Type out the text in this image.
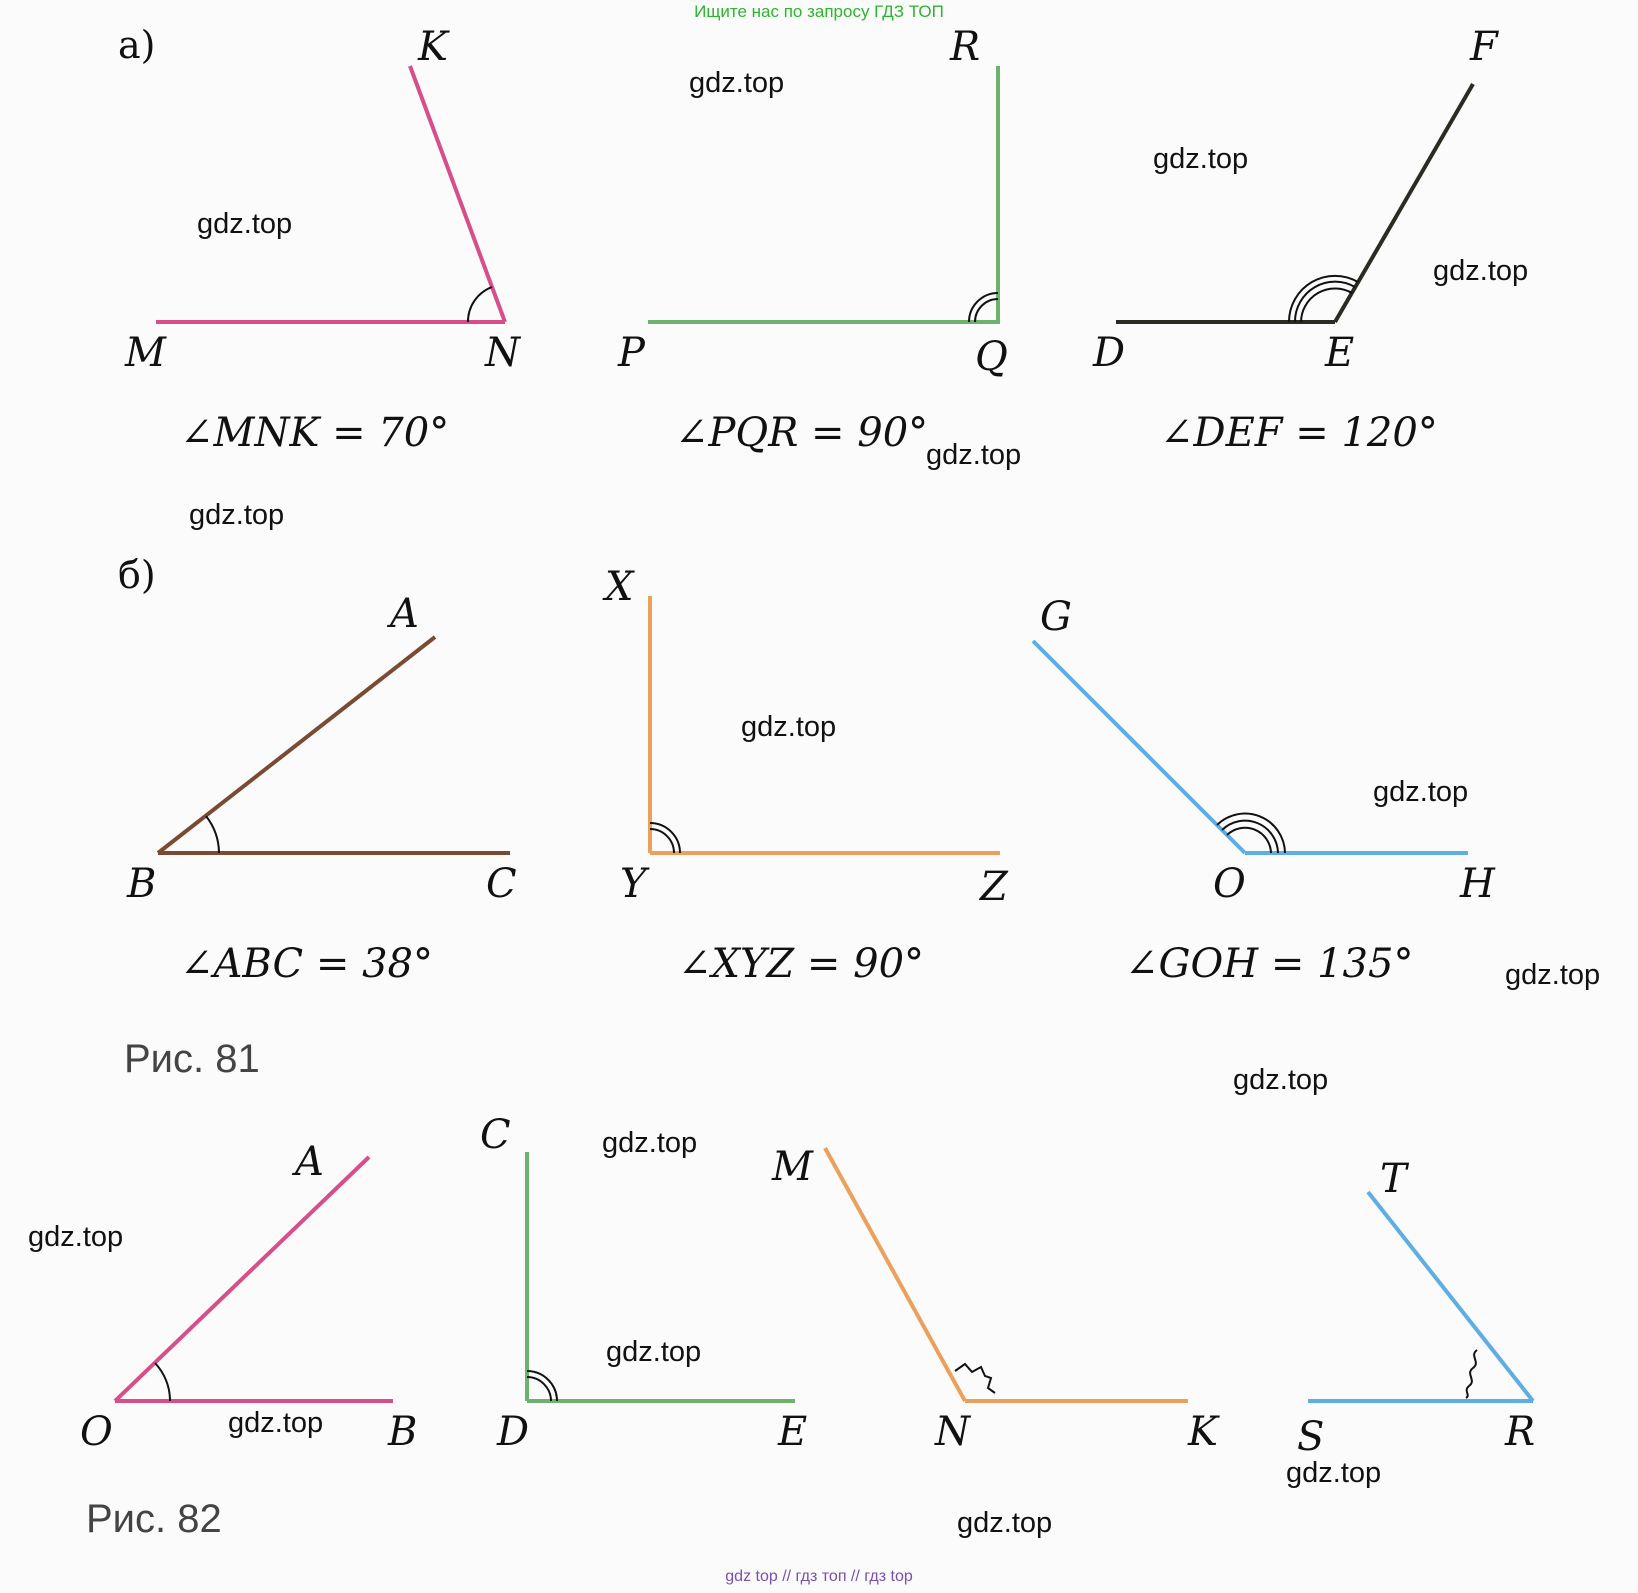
Ищите нас по запросу ГДЗ ТОП
а)
M	N
K
∠MNK = 70°
P	Q
R
∠PQR = 90°
D	E
F
∠DEF = 120°
б)
B	C
A
∠ABC = 38°
Y	Z
X
∠XYZ = 90°
O	H
G
∠GOH = 135°
Рис. 81
O	B
A
D	E
C
N	K
M
S	R
T
Рис. 82
gdz.top
gdz.top
gdz.top
gdz.top
gdz.top
gdz.top
gdz.top
gdz.top
gdz.top
gdz.top
gdz.top
gdz.top
gdz.top
gdz.top
gdz.top
gdz.top
gdz top // гдз топ // гдз top
